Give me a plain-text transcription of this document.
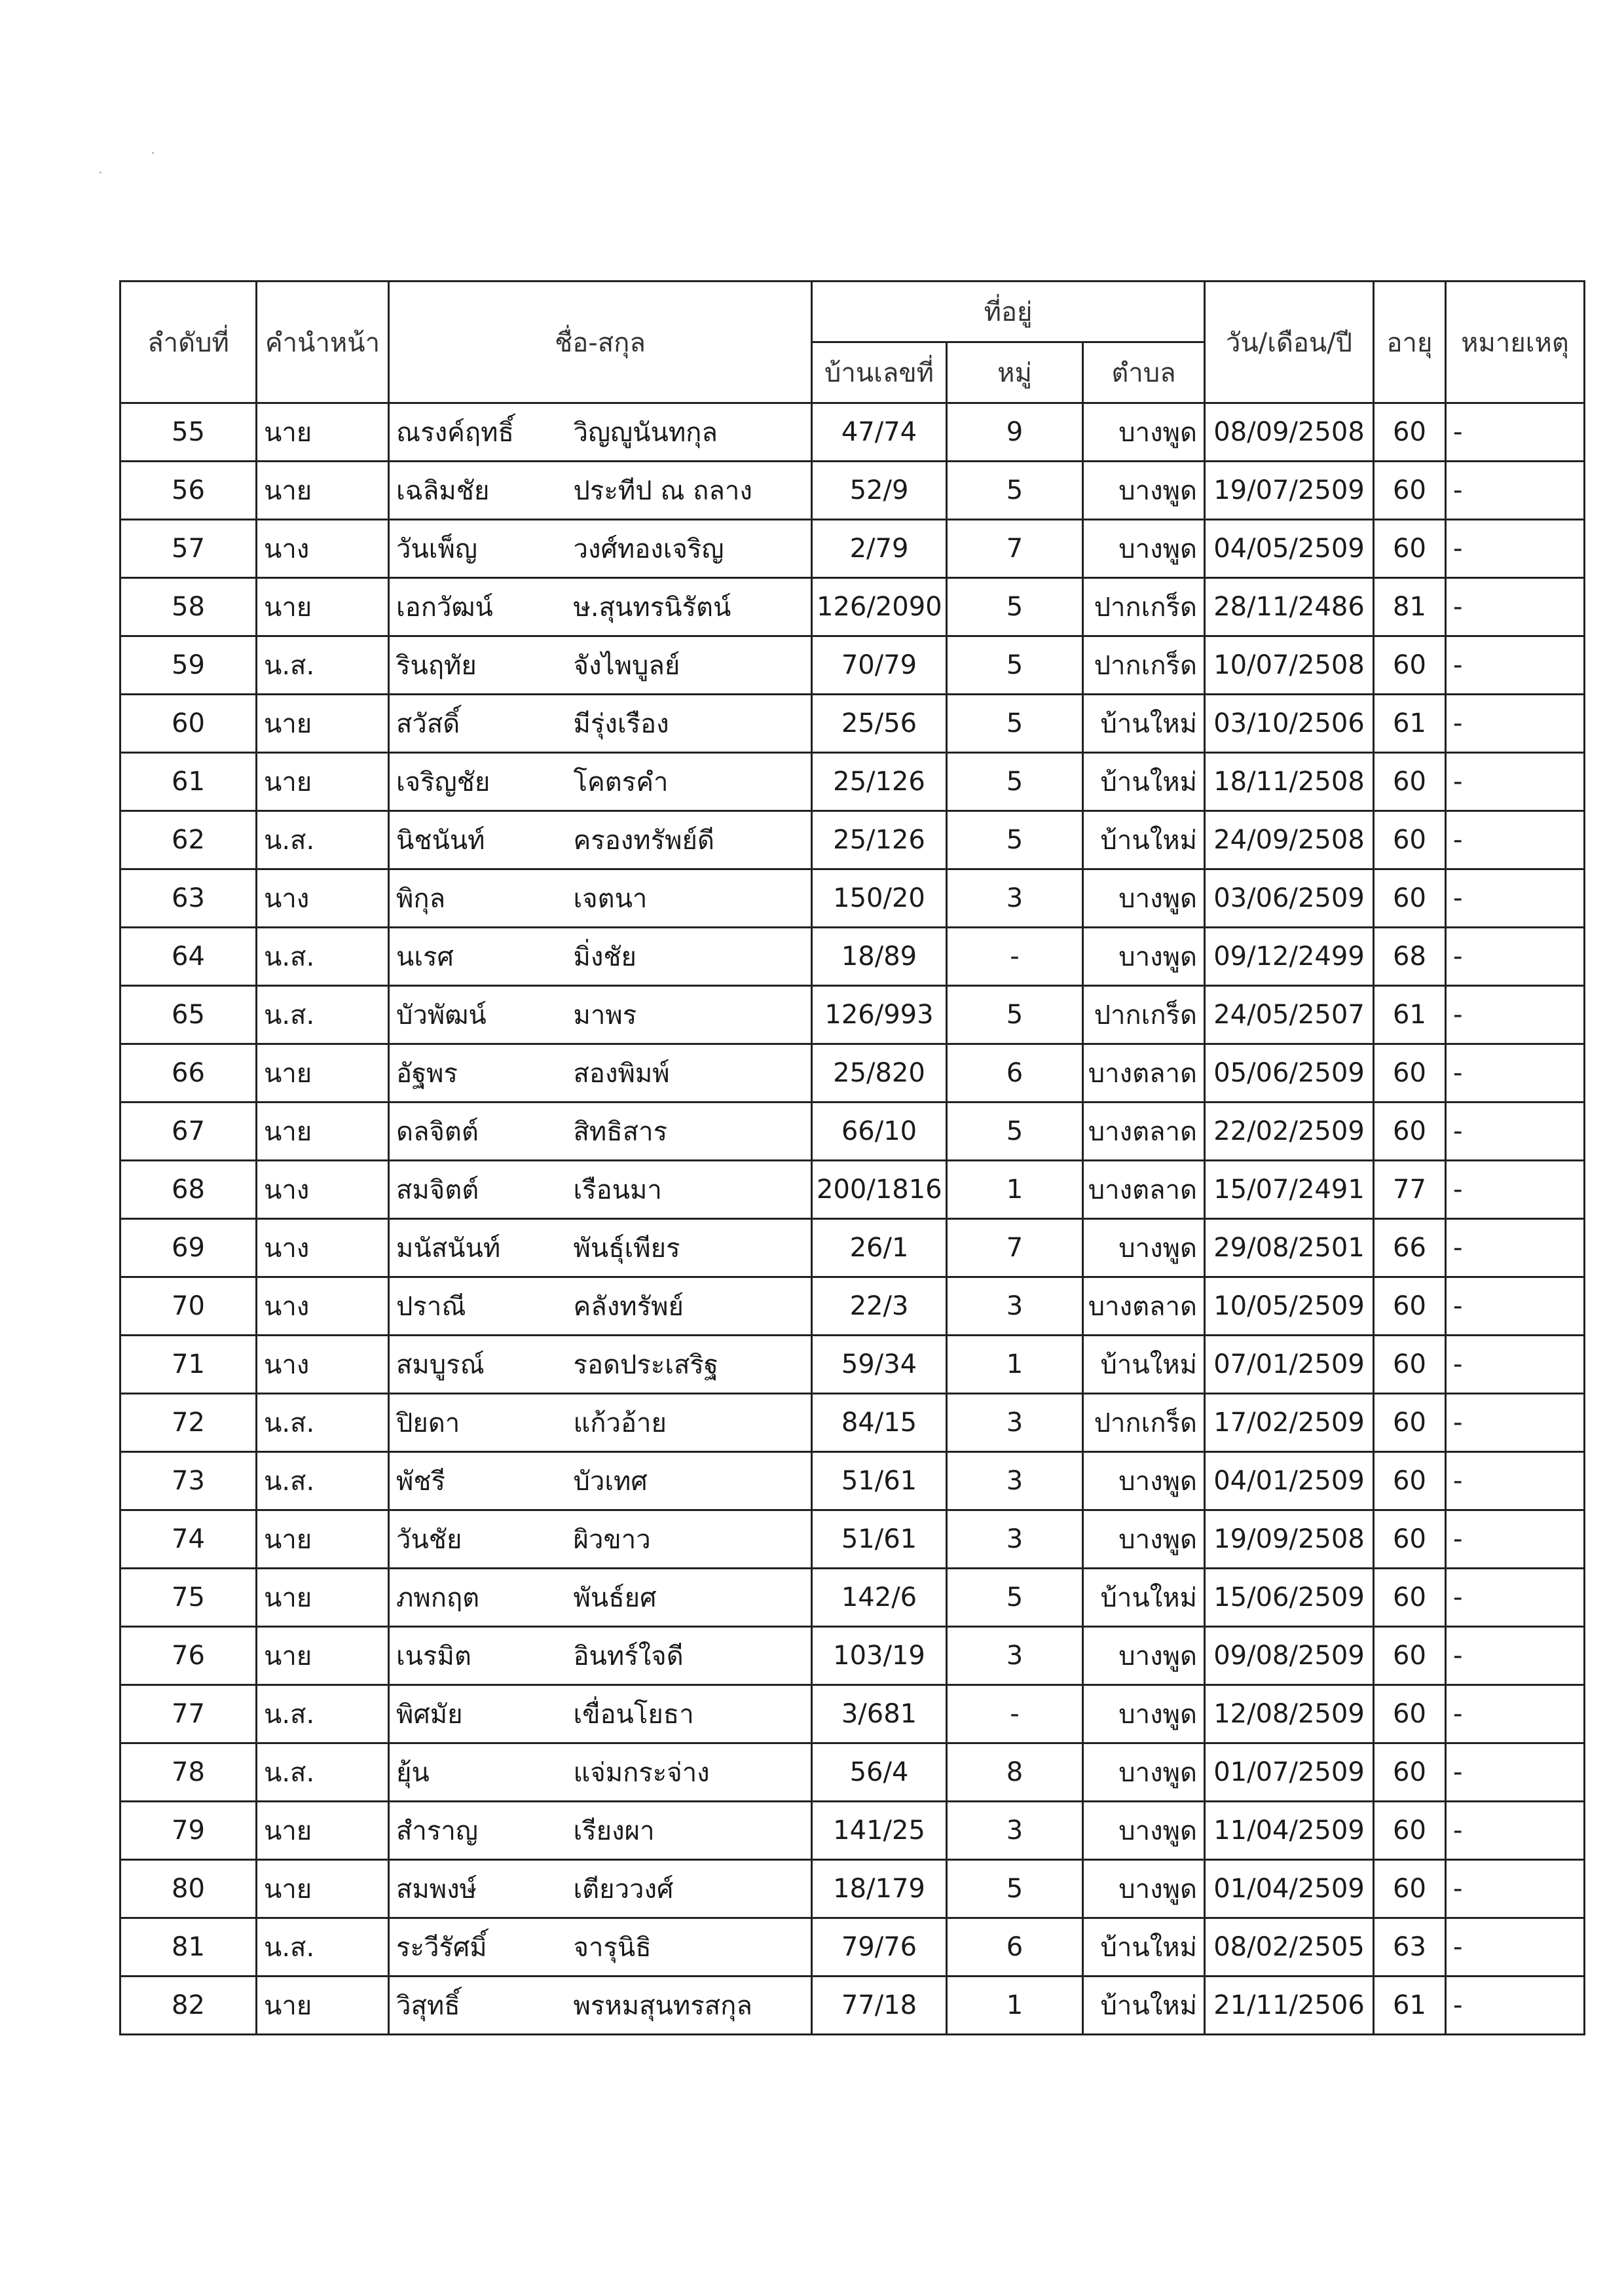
ลำดับที่	คำนำหน้า	ชื่อ-สกุล		ที่อยู่			วัน/เดือน/ปี	อายุ	หมายเหตุ
				บ้านเลขที่	หมู่	ตำบล			
55	นาย	ณรงค์ฤทธิ์	วิญญูนันทกุล	47/74	9	บางพูด	08/09/2508	60	-
56	นาย	เฉลิมชัย	ประทีป ณ ถลาง	52/9	5	บางพูด	19/07/2509	60	-
57	นาง	วันเพ็ญ	วงศ์ทองเจริญ	2/79	7	บางพูด	04/05/2509	60	-
58	นาย	เอกวัฒน์	ษ.สุนทรนิรัตน์	126/2090	5	ปากเกร็ด	28/11/2486	81	-
59	น.ส.	รินฤทัย	จังไพบูลย์	70/79	5	ปากเกร็ด	10/07/2508	60	-
60	นาย	สวัสดิ์	มีรุ่งเรือง	25/56	5	บ้านใหม่	03/10/2506	61	-
61	นาย	เจริญชัย	โคตรคำ	25/126	5	บ้านใหม่	18/11/2508	60	-
62	น.ส.	นิชนันท์	ครองทรัพย์ดี	25/126	5	บ้านใหม่	24/09/2508	60	-
63	นาง	พิกุล	เจตนา	150/20	3	บางพูด	03/06/2509	60	-
64	น.ส.	นเรศ	มิ่งชัย	18/89	-	บางพูด	09/12/2499	68	-
65	น.ส.	บัวพัฒน์	มาพร	126/993	5	ปากเกร็ด	24/05/2507	61	-
66	นาย	อัฐพร	สองพิมพ์	25/820	6	บางตลาด	05/06/2509	60	-
67	นาย	ดลจิตต์	สิทธิสาร	66/10	5	บางตลาด	22/02/2509	60	-
68	นาง	สมจิตต์	เรือนมา	200/1816	1	บางตลาด	15/07/2491	77	-
69	นาง	มนัสนันท์	พันธุ์เพียร	26/1	7	บางพูด	29/08/2501	66	-
70	นาง	ปราณี	คลังทรัพย์	22/3	3	บางตลาด	10/05/2509	60	-
71	นาง	สมบูรณ์	รอดประเสริฐ	59/34	1	บ้านใหม่	07/01/2509	60	-
72	น.ส.	ปิยดา	แก้วอ้าย	84/15	3	ปากเกร็ด	17/02/2509	60	-
73	น.ส.	พัชรี	บัวเทศ	51/61	3	บางพูด	04/01/2509	60	-
74	นาย	วันชัย	ผิวขาว	51/61	3	บางพูด	19/09/2508	60	-
75	นาย	ภพกฤต	พันธ์ยศ	142/6	5	บ้านใหม่	15/06/2509	60	-
76	นาย	เนรมิต	อินทร์ใจดี	103/19	3	บางพูด	09/08/2509	60	-
77	น.ส.	พิศมัย	เขื่อนโยธา	3/681	-	บางพูด	12/08/2509	60	-
78	น.ส.	ยุ้น	แจ่มกระจ่าง	56/4	8	บางพูด	01/07/2509	60	-
79	นาย	สำราญ	เรียงผา	141/25	3	บางพูด	11/04/2509	60	-
80	นาย	สมพงษ์	เตียววงศ์	18/179	5	บางพูด	01/04/2509	60	-
81	น.ส.	ระวีรัศมิ์	จารุนิธิ	79/76	6	บ้านใหม่	08/02/2505	63	-
82	นาย	วิสุทธิ์	พรหมสุนทรสกุล	77/18	1	บ้านใหม่	21/11/2506	61	-
